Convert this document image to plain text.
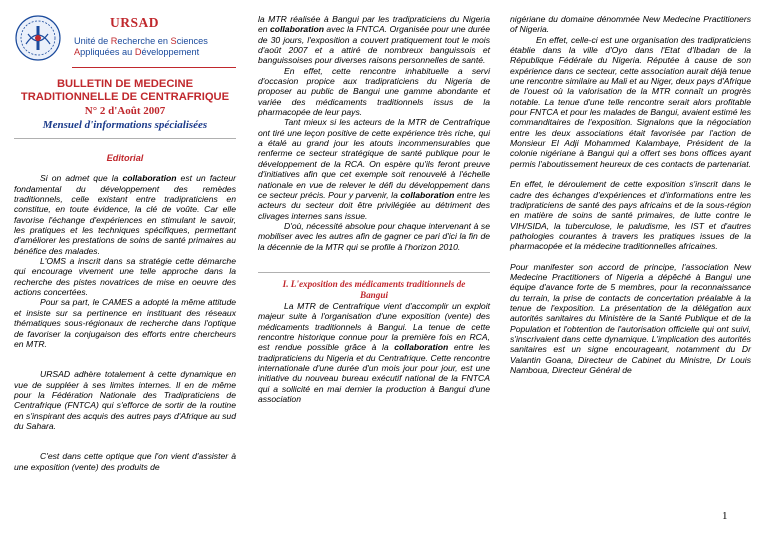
URSAD
Unité de Recherche en Sciences
Appliquées au Développement
BULLETIN DE MEDECINE
TRADITIONNELLE DE CENTRAFRIQUE
N° 2 d'Août 2007
Mensuel d'informations spécialisées
Editorial

Si on admet que la collaboration est un facteur fondamental du développement des remèdes traditionnels, celle existant entre tradipraticiens en constitue, en toute évidence, la clé de voûte. Car elle favorise l'échange d'expériences en stimulant le savoir, les pratiques et les techniques spécifiques, permettant d'améliorer les prestations de soins de santé primaires au bénéfice des malades.

L'OMS a inscrit dans sa stratégie cette démarche qui encourage vivement une telle approche dans la recherche des pistes novatrices de mise en oeuvre des actions concertées.

Pour sa part, le CAMES a adopté la même attitude et insiste sur sa pertinence en instituant des réseaux thématiques sous-régionaux de recherche dans l'optique de favoriser la conjugaison des efforts entre chercheurs en MTR.

URSAD adhère totalement à cette dynamique en vue de suppléer à ses limites internes. Il en de même pour la Fédération Nationale des Tradipraticiens de Centrafrique (FNTCA) qui s'efforce de sortir de la routine en s'inspirant des acquis des autres pays d'Afrique au sud du Sahara.

C'est dans cette optique que l'on vient d'assister à une exposition (vente) des produits de

la MTR réalisée à Bangui par les tradipraticiens du Nigeria en collaboration avec la FNTCA. Organisée pour une durée de 30 jours, l'exposition a couvert pratiquement tout le mois d'août 2007 et a attiré de nombreux banguissois et banguissoises pour diverses raisons personnelles de santé.

En effet, cette rencontre inhabituelle a servi d'occasion propice aux tradipraticiens du Nigeria de proposer au public de Bangui une gamme abondante et variée des médicaments traditionnels issus de la pharmacopée de leur pays.

Tant mieux si les acteurs de la MTR de Centrafrique ont tiré une leçon positive de cette expérience très riche, qui a étalé au grand jour les atouts incommensurables que renferme ce secteur stratégique de santé publique pour le développement de la RCA. On espère qu'ils feront preuve d'initiatives afin que cet exemple soit renouvelé à l'échelle nationale en vue de relever le défi du développement dans ce secteur précis. Pour y parvenir, la collaboration entre les acteurs du secteur doit être privilégiée au détriment des clivages internes sans issue.

D'où, nécessité absolue pour chaque intervenant à se mobiliser avec les autres afin de gagner ce pari d'ici la fin de la décennie de la MTR qui se profile à l'horizon 2010.

I. L'exposition des médicaments traditionnels de
Bangui

La MTR de Centrafrique vient d'accomplir un exploit majeur suite à l'organisation d'une exposition (vente) des médicaments traditionnels à Bangui. La tenue de cette rencontre historique connue pour la première fois en RCA, est rendue possible grâce à la collaboration entre les tradipraticiens du Nigeria et du Centrafrique. Cette rencontre internationale d'une durée d'un mois jour pour jour, est une initiative du nouveau bureau exécutif national de la FNTCA qui a sollicité en mai dernier la production à Bangui d'une association

nigériane du domaine dénommée New Medecine Practitioners of Nigeria.

En effet, celle-ci est une organisation des tradipraticiens établie dans la ville d'Oyo dans l'Etat d'Ibadan de la République Fédérale du Nigeria. Réputée à cause de son expérience dans ce secteur, cette association aurait déjà tenue une rencontre similaire au Mali et au Niger, deux pays d'Afrique de l'ouest où la valorisation de la MTR connaît un progrès notable. La tenue d'une telle rencontre serait alors profitable pour FNTCA et pour les malades de Bangui, avaient estimé les commanditaires de l'exposition. Signalons que la négociation entre les deux associations était favorisée par l'action de Monsieur El Adji Mohammed Kalambaye, Président de la colonie nigériane à Bangui qui a offert ses bons offices ayant permis l'aboutissement heureux de ces contacts de partenariat.

En effet, le déroulement de cette exposition s'inscrit dans le cadre des échanges d'expériences et d'informations entre les tradipraticiens de santé des pays africains et de la sous-région en matière de soins de santé primaires, de lutte contre le VIH/SIDA, la tuberculose, le paludisme, les IST et d'autres pathologies courantes à travers les pratiques issues de la pharmacopée et la médecine traditionnelles africaines.

Pour manifester son accord de principe, l'association New Medecine Practitioners of Nigeria a dépêché à Bangui une équipe d'avance forte de 5 membres, pour la reconnaissance du terrain, la prise de contacts de concertation préalable à la tenue de l'exposition. La présentation de la délégation aux autorités sanitaires du Ministère de la Santé Publique et de la Population et l'obtention de l'autorisation officielle qui ont suivi, s'inscrivaient dans cette dynamique. L'implication des autorités sanitaires est un signe encourageant, notamment du Dr Valantin Goana, Directeur de Cabinet du Ministre, Dr Louis Namboua, Directeur Général de

1
